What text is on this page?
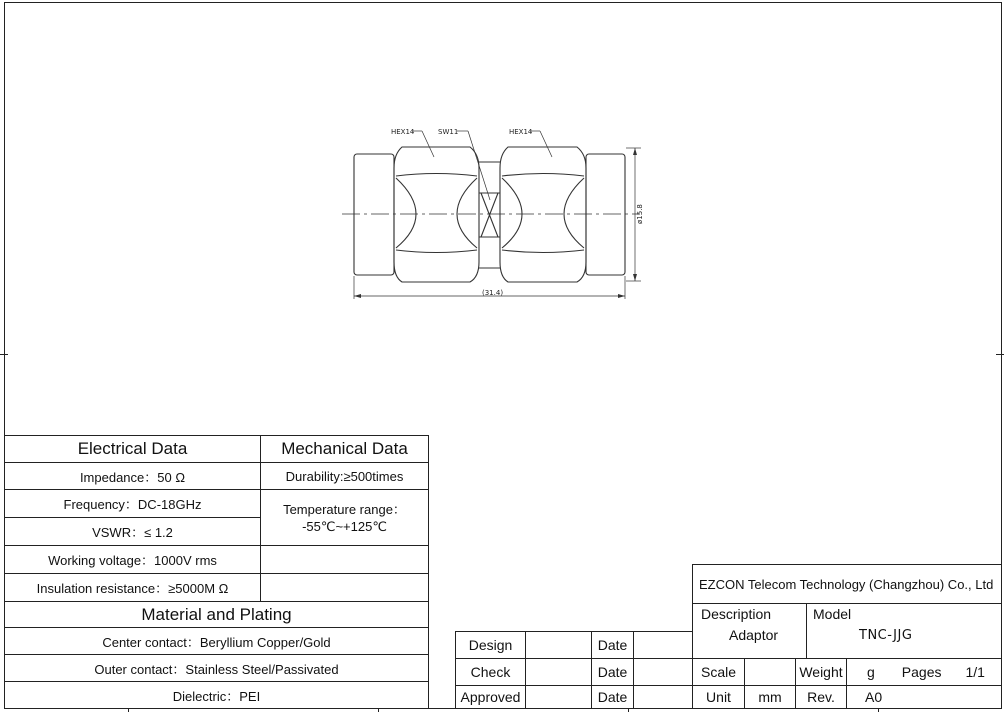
HEX14	SW11	HEX14
(31.4)
ø15.8
Electrical Data	Mechanical Data
Impedance：50 Ω	Durability:≥500times
Frequency：DC-18GHz	Temperature range：
-55℃~+125℃
VSWR：≤ 1.2
Working voltage：1000V rms
Insulation resistance：≥5000M Ω
Material and Plating
Center contact：Beryllium Copper/Gold
Outer contact：Stainless Steel/Passivated
Dielectric：PEI
Design	Date
Check	Date
Approved	Date
EZCON Telecom Technology (Changzhou) Co., Ltd
Description
Adaptor
Model
TNC-JJG
Scale	Weight	g Pages 1/1
Unit	mm	Rev.	A0
